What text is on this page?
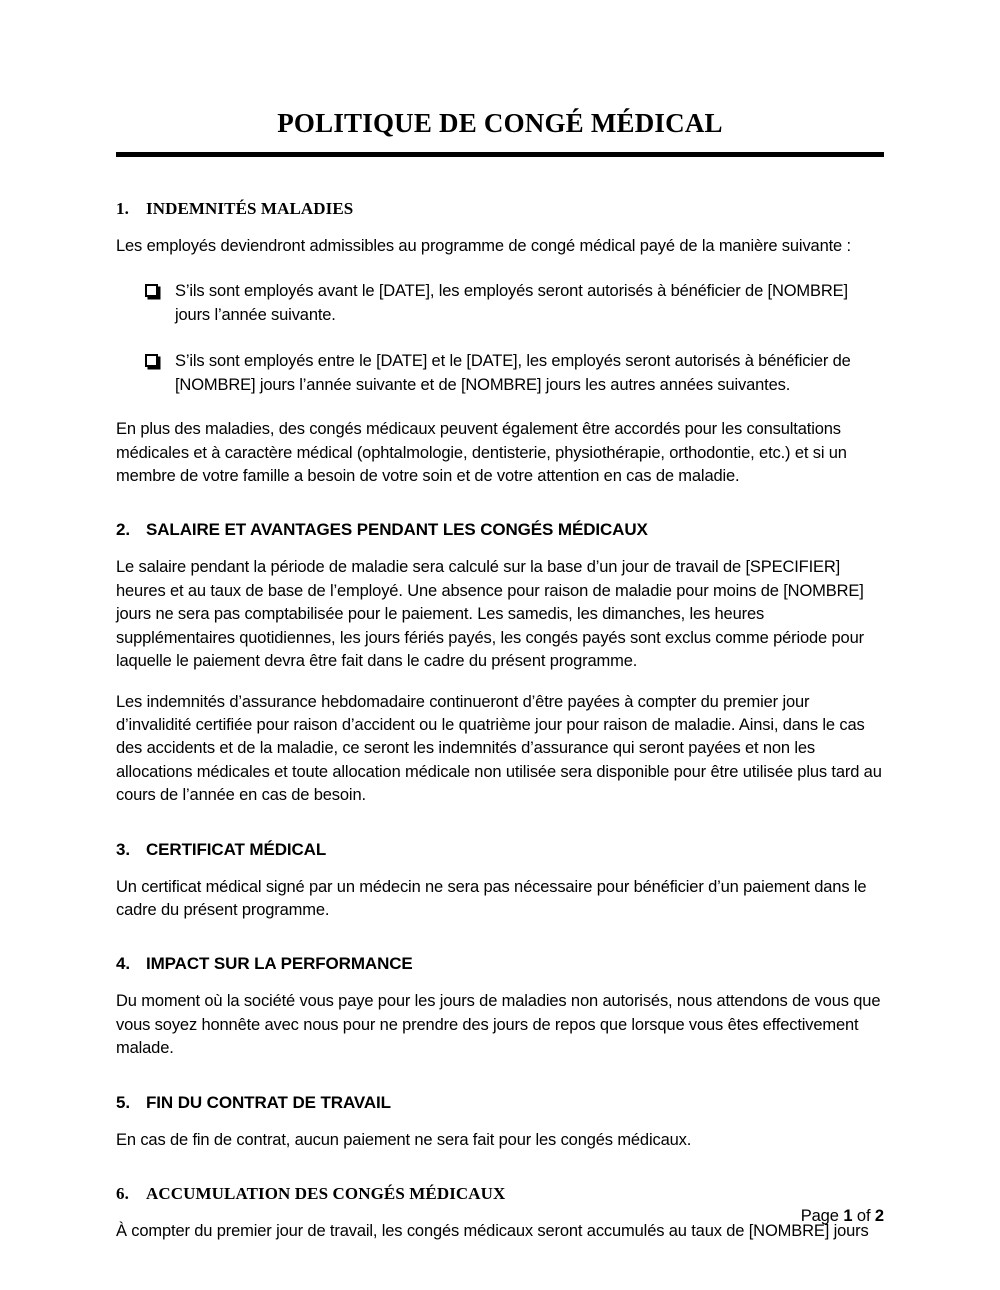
POLITIQUE DE CONGÉ MÉDICAL
1.	INDEMNITÉS MALADIES

Les employés deviendront admissibles au programme de congé médical payé de la manière suivante :

S’ils sont employés avant le [DATE], les employés seront autorisés à bénéficier de [NOMBRE] jours l’année suivante.
S’ils sont employés entre le [DATE] et le [DATE], les employés seront autorisés à bénéficier de [NOMBRE] jours l’année suivante et de [NOMBRE] jours les autres années suivantes.

En plus des maladies, des congés médicaux peuvent également être accordés pour les consultations médicales et à caractère médical (ophtalmologie, dentisterie, physiothérapie, orthodontie, etc.) et si un membre de votre famille a besoin de votre soin et de votre attention en cas de maladie.

2. SALAIRE ET AVANTAGES PENDANT LES CONGÉS MÉDICAUX

Le salaire pendant la période de maladie sera calculé sur la base d’un jour de travail de [SPECIFIER] heures et au taux de base de l’employé. Une absence pour raison de maladie pour moins de [NOMBRE] jours ne sera pas comptabilisée pour le paiement. Les samedis, les dimanches, les heures supplémentaires quotidiennes, les jours fériés payés, les congés payés sont exclus comme période pour laquelle le paiement devra être fait dans le cadre du présent programme.

Les indemnités d’assurance hebdomadaire continueront d’être payées à compter du premier jour d’invalidité certifiée pour raison d’accident ou le quatrième jour pour raison de maladie. Ainsi, dans le cas des accidents et de la maladie, ce seront les indemnités d’assurance qui seront payées et non les allocations médicales et toute allocation médicale non utilisée sera disponible pour être utilisée plus tard au cours de l’année en cas de besoin.

3. CERTIFICAT MÉDICAL

Un certificat médical signé par un médecin ne sera pas nécessaire pour bénéficier d’un paiement dans le cadre du présent programme.

4. IMPACT SUR LA PERFORMANCE

Du moment où la société vous paye pour les jours de maladies non autorisés, nous attendons de vous que vous soyez honnête avec nous pour ne prendre des jours de repos que lorsque vous êtes effectivement malade.

5. FIN DU CONTRAT DE TRAVAIL

En cas de fin de contrat, aucun paiement ne sera fait pour les congés médicaux.

6.	ACCUMULATION DES CONGÉS MÉDICAUX

À compter du premier jour de travail, les congés médicaux seront accumulés au taux de [NOMBRE] jours

Page 1 of 2
